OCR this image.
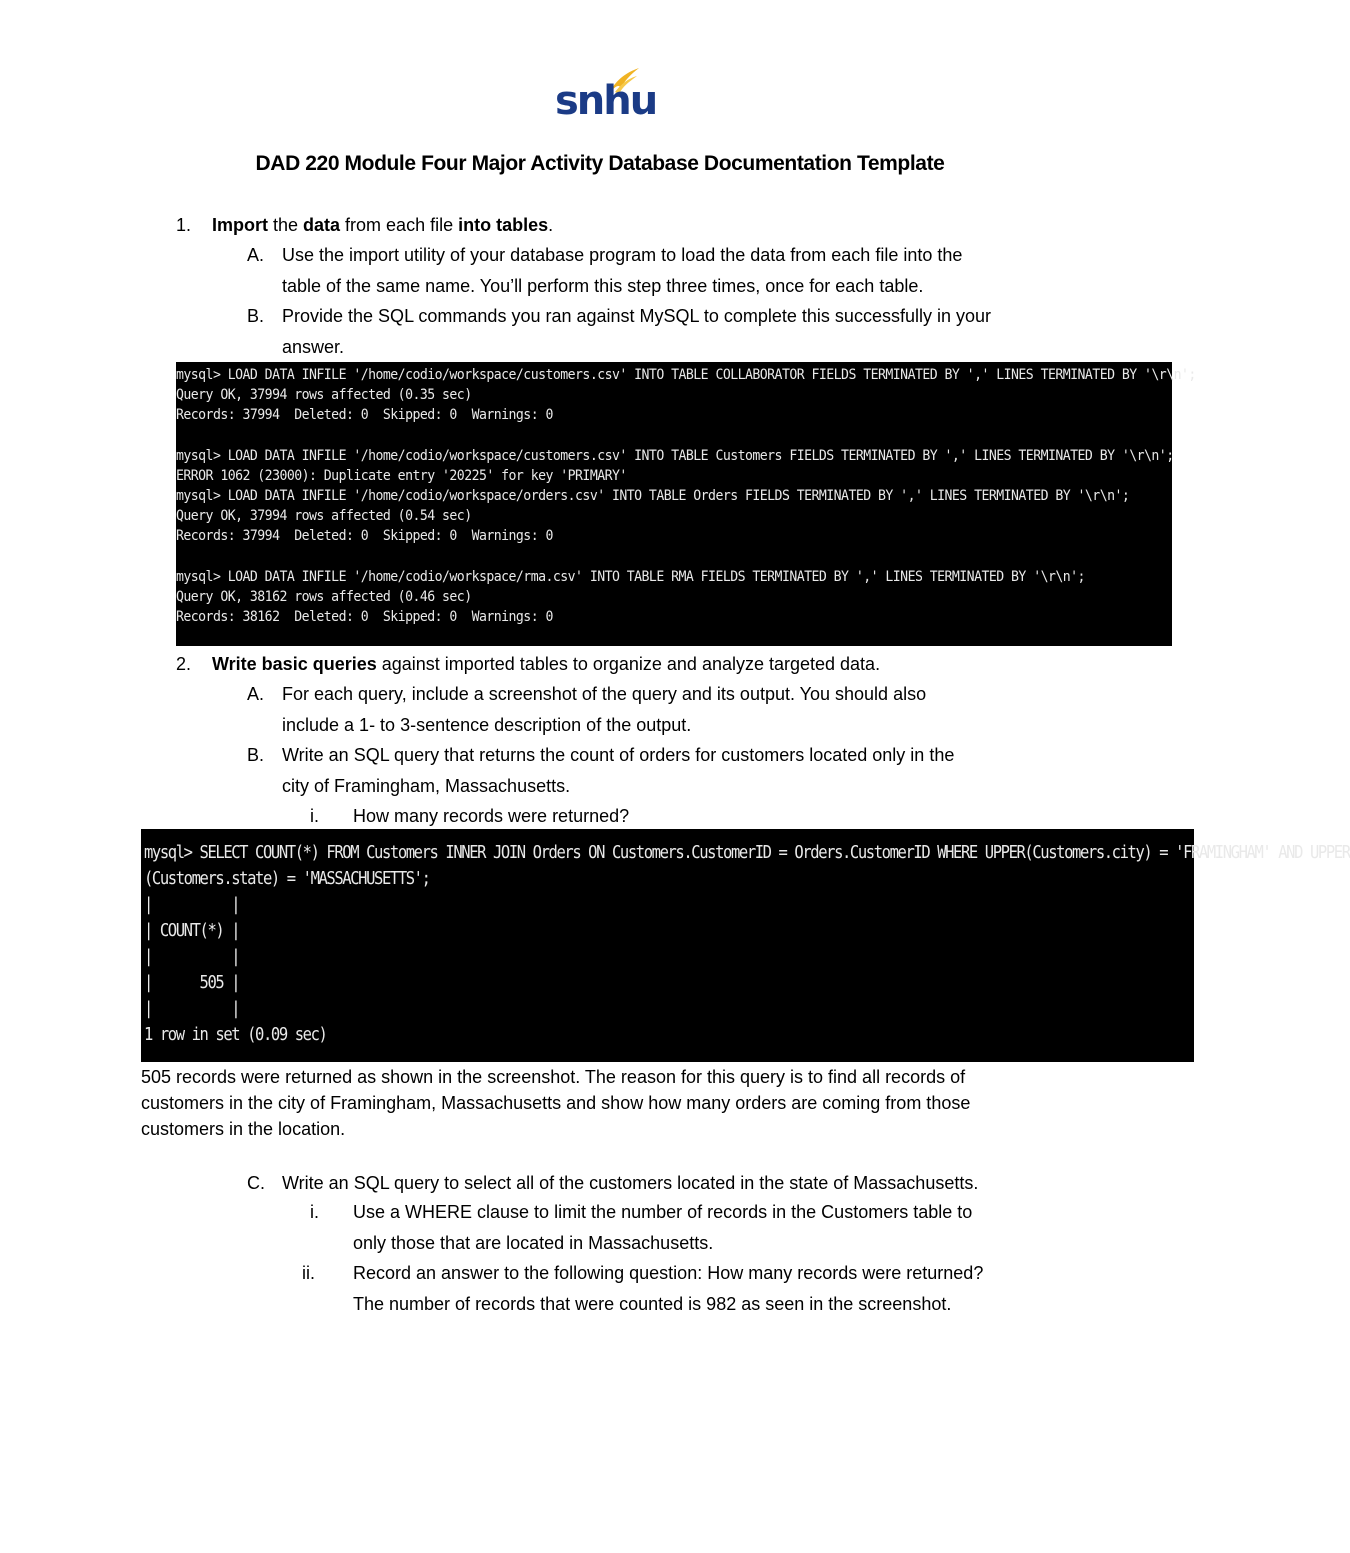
snhu
DAD 220 Module Four Major Activity Database Documentation Template
1. Import the data from each file into tables.
A. Use the import utility of your database program to load the data from each file into the
table of the same name. You’ll perform this step three times, once for each table.
B. Provide the SQL commands you ran against MySQL to complete this successfully in your
answer.
mysql> LOAD DATA INFILE '/home/codio/workspace/customers.csv' INTO TABLE COLLABORATOR FIELDS TERMINATED BY ',' LINES TERMINATED BY '\r\n';
Query OK, 37994 rows affected (0.35 sec)
Records: 37994  Deleted: 0  Skipped: 0  Warnings: 0
mysql> LOAD DATA INFILE '/home/codio/workspace/customers.csv' INTO TABLE Customers FIELDS TERMINATED BY ',' LINES TERMINATED BY '\r\n';
ERROR 1062 (23000): Duplicate entry '20225' for key 'PRIMARY'
mysql> LOAD DATA INFILE '/home/codio/workspace/orders.csv' INTO TABLE Orders FIELDS TERMINATED BY ',' LINES TERMINATED BY '\r\n';
Query OK, 37994 rows affected (0.54 sec)
Records: 37994  Deleted: 0  Skipped: 0  Warnings: 0
mysql> LOAD DATA INFILE '/home/codio/workspace/rma.csv' INTO TABLE RMA FIELDS TERMINATED BY ',' LINES TERMINATED BY '\r\n';
Query OK, 38162 rows affected (0.46 sec)
Records: 38162  Deleted: 0  Skipped: 0  Warnings: 0
2. Write basic queries against imported tables to organize and analyze targeted data.
A. For each query, include a screenshot of the query and its output. You should also
include a 1- to 3-sentence description of the output.
B. Write an SQL query that returns the count of orders for customers located only in the
city of Framingham, Massachusetts.
i. How many records were returned?
mysql> SELECT COUNT(*) FROM Customers INNER JOIN Orders ON Customers.CustomerID = Orders.CustomerID WHERE UPPER(Customers.city) = 'FRAMINGHAM' AND UPPER
(Customers.state) = 'MASSACHUSETTS';
|          |
| COUNT(*) |
|          |
|      505 |
|          |
1 row in set (0.09 sec)
505 records were returned as shown in the screenshot. The reason for this query is to find all records of
customers in the city of Framingham, Massachusetts and show how many orders are coming from those
customers in the location.
C. Write an SQL query to select all of the customers located in the state of Massachusetts.
i. Use a WHERE clause to limit the number of records in the Customers table to
only those that are located in Massachusetts.
ii. Record an answer to the following question: How many records were returned?
The number of records that were counted is 982 as seen in the screenshot.
